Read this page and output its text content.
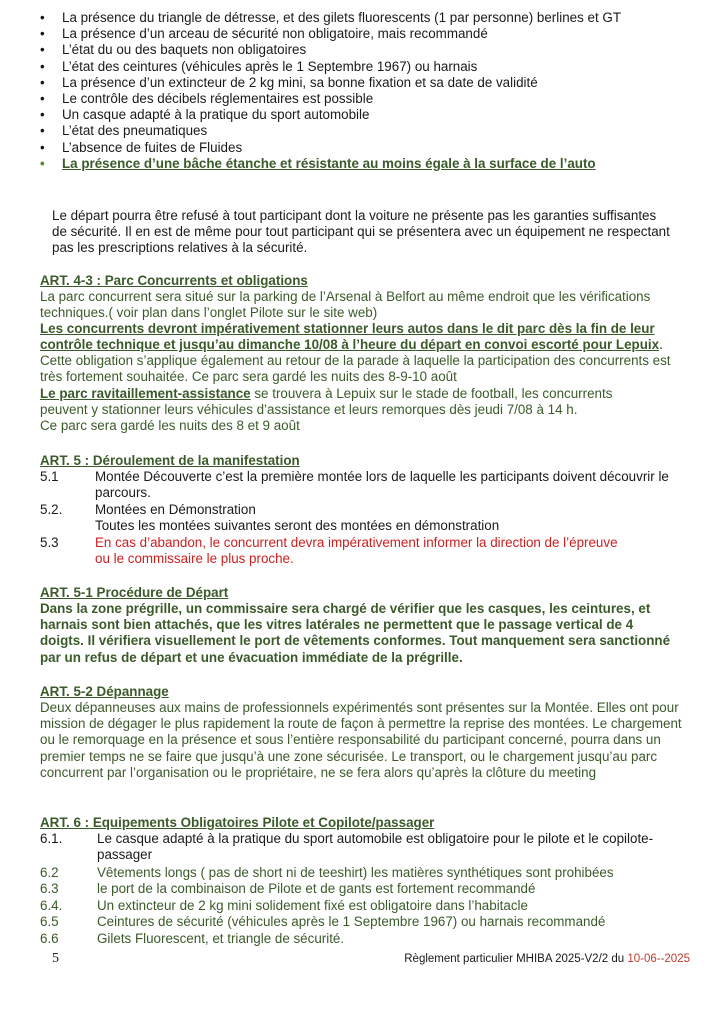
•	La présence du triangle de détresse, et des gilets fluorescents (1 par personne) berlines et GT
•	La présence d’un arceau de sécurité non obligatoire, mais recommandé
•	L’état du ou des baquets non obligatoires
•	L’état des ceintures (véhicules après le 1 Septembre 1967) ou harnais
•	La présence d’un extincteur de 2 kg mini, sa bonne fixation et sa date de validité
•	Le contrôle des décibels réglementaires est possible
•	Un casque adapté à la pratique du sport automobile
•	L’état des pneumatiques
•	L’absence de fuites de Fluides
•	La présence d’une bâche étanche et résistante au moins égale à la surface de l’auto
Le départ pourra être refusé à tout participant dont la voiture ne présente pas les garanties suffisantes de sécurité. Il en est de même pour tout participant qui se présentera avec un équipement ne respectant pas les prescriptions relatives à la sécurité.
ART. 4-3 : Parc Concurrents et obligations
La parc concurrent sera situé sur la parking de l’Arsenal à Belfort au même endroit que les vérifications techniques.( voir plan dans l’onglet Pilote sur le site web)
Les concurrents devront impérativement stationner leurs autos dans le dit parc dès la fin de leur contrôle technique et jusqu’au dimanche 10/08 à l’heure du départ en convoi escorté pour Lepuix.
Cette obligation s’applique également au retour de la parade à laquelle la participation des concurrents est très fortement souhaitée. Ce parc sera gardé les nuits des 8-9-10 août
Le parc ravitaillement-assistance se trouvera à Lepuix sur le stade de football, les concurrents peuvent y stationner leurs véhicules d’assistance et leurs remorques dès jeudi 7/08 à 14 h.
Ce parc sera gardé les nuits des 8 et 9 août
ART. 5 : Déroulement de la manifestation
5.1	Montée Découverte c’est la première montée lors de laquelle les participants doivent découvrir le parcours.
5.2. Montées en Démonstration
Toutes les montées suivantes seront des montées en démonstration
5.3	En cas d’abandon, le concurrent devra impérativement informer la direction de l’épreuve ou le commissaire le plus proche.
ART. 5-1 Procédure de Départ
Dans la zone prégrille, un commissaire sera chargé de vérifier que les casques, les ceintures, et harnais sont bien attachés, que les vitres latérales ne permettent que le passage vertical de 4 doigts. Il vérifiera visuellement le port de vêtements conformes. Tout manquement sera sanctionné par un refus de départ et une évacuation immédiate de la prégrille.
ART. 5-2 Dépannage
Deux dépanneuses aux mains de professionnels expérimentés sont présentes sur la Montée. Elles ont pour mission de dégager le plus rapidement la route de façon à permettre la reprise des montées. Le chargement ou le remorquage en la présence et sous l’entière responsabilité du participant concerné, pourra dans un premier temps ne se faire que jusqu’à une zone sécurisée. Le transport, ou le chargement jusqu’au parc concurrent par l’organisation ou le propriétaire, ne se fera alors qu’après la clôture du meeting
ART. 6 : Equipements Obligatoires Pilote et Copilote/passager
6.1.	Le casque adapté à la pratique du sport automobile est obligatoire pour le pilote et le copilote-passager
6.2	Vêtements longs ( pas de short ni de teeshirt) les matières synthétiques sont prohibées
6.3	le port de la combinaison de Pilote et de gants est fortement recommandé
6.4.	Un extincteur de 2 kg mini solidement fixé est obligatoire dans l’habitacle
6.5	Ceintures de sécurité (véhicules après le 1 Septembre 1967) ou harnais recommandé
6.6	Gilets Fluorescent, et triangle de sécurité.
5	Règlement particulier MHIBA 2025-V2/2 du 10-06--2025
